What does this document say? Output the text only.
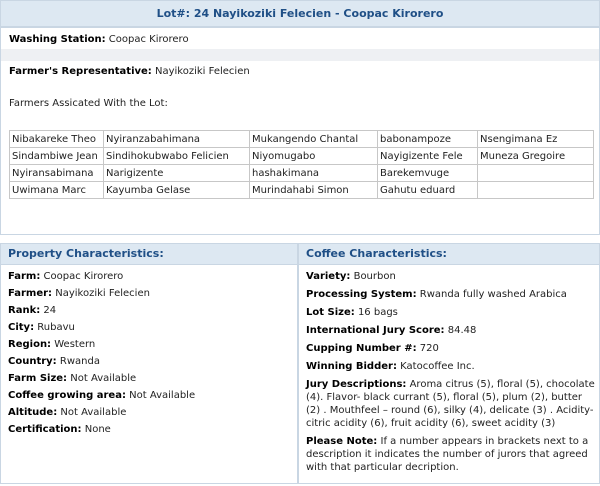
Lot#: 24 Nayikoziki Felecien - Coopac Kirorero
Washing Station: Coopac Kirorero
Farmer's Representative: Nayikoziki Felecien
Farmers Assicated With the Lot:
Nibakareke Theo	Nyiranzabahimana	Mukangendo Chantal	babonampoze	Nsengimana Ez
Sindambiwe Jean	Sindihokubwabo Felicien	Niyomugabo	Nayigizente Fele	Muneza Gregoire
Nyiransabimana	Narigizente	hashakimana	Barekemvuge	
Uwimana Marc	Kayumba Gelase	Murindahabi Simon	Gahutu eduard	
Property Characteristics:
Farm: Coopac Kirorero
Farmer: Nayikoziki Felecien
Rank: 24
City: Rubavu
Region: Western
Country: Rwanda
Farm Size: Not Available
Coffee growing area: Not Available
Altitude: Not Available
Certification: None
Coffee Characteristics:
Variety: Bourbon
Processing System: Rwanda fully washed Arabica
Lot Size: 16 bags
International Jury Score: 84.48
Cupping Number #: 720
Winning Bidder: Katocoffee Inc.
Jury Descriptions: Aroma citrus (5), floral (5), chocolate (4). Flavor- black currant (5), floral (5), plum (2), butter (2) . Mouthfeel – round (6), silky (4), delicate (3) . Acidity- citric acidity (6), fruit acidity (6), sweet acidity (3)
Please Note: If a number appears in brackets next to a description it indicates the number of jurors that agreed with that particular decription.
